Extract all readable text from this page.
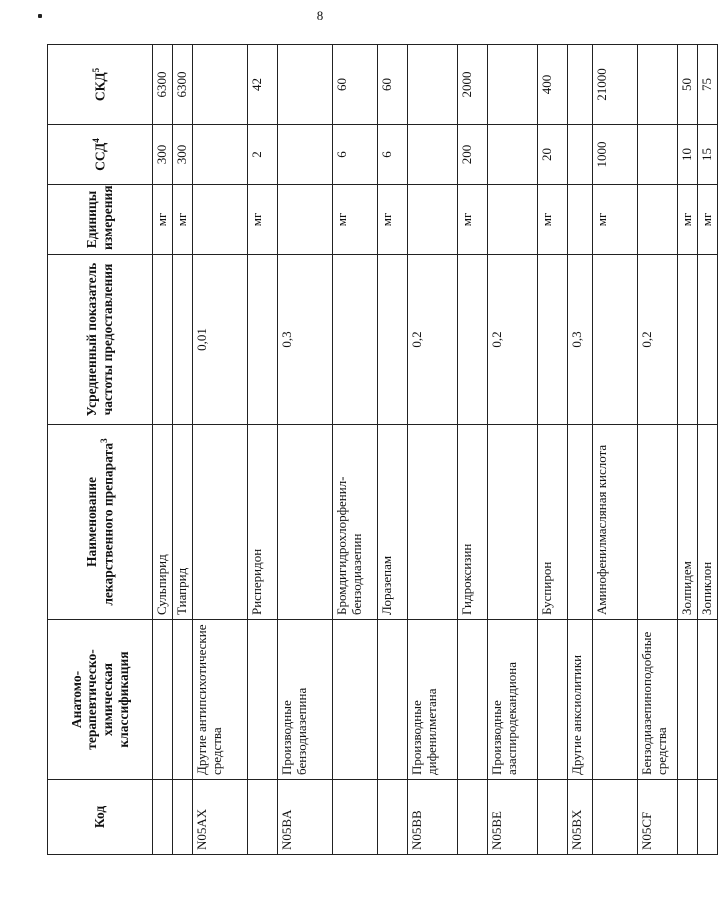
8
Код	Анатомо-терапевтическо-химическая классификация	Наименование лекарственного препарата$^3$	Усредненный показатель частоты предоставления	Единицы измерения	ССД$^4$	СКД$^5$
		Сульпирид		мг	300	6300
		Тиаприд		мг	300	6300
N05AX	Другие антипсихотические средства		0,01			
		Рисперидон		мг	2	42
N05BA	Производные бензодиазепина		0,3			
		Бромдигидрохлорфенил-бензодиазепин		мг	6	60
		Лоразепам		мг	6	60
N05BB	Производные дифенилметана		0,2			
		Гидроксизин		мг	200	2000
N05BE	Производные азаспиродекандиона		0,2			
		Буспирон		мг	20	400
N05BX	Другие анксиолитики		0,3			
		Аминофенилмасляная кислота		мг	1000	21000
N05CF	Бензодиазепиноподобные средства		0,2			
		Золпидем		мг	10	50
		Зопиклон		мг	15	75
